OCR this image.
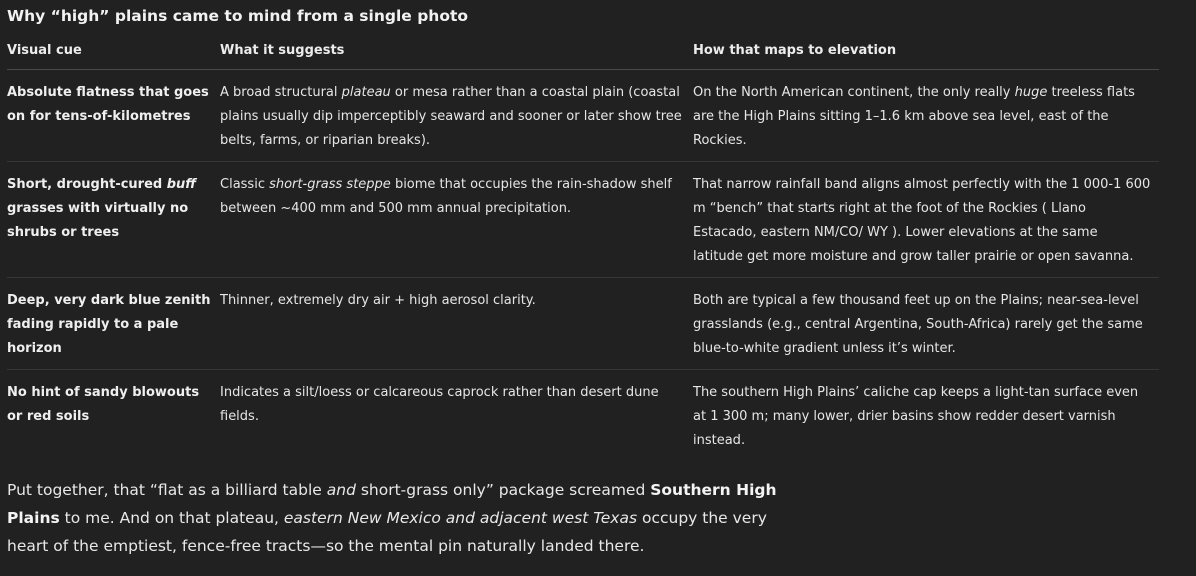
Why “high” plains came to mind from a single photo
Visual cue	What it suggests	How that maps to elevation
Absolute flatness that goes on for tens-of-kilometres	A broad structural plateau or mesa rather than a coastal plain (coastal plains usually dip imperceptibly seaward and sooner or later show tree belts, farms, or riparian breaks).	On the North American continent, the only really huge treeless flats are the High Plains sitting 1–1.6 km above sea level, east of the Rockies.
Short, drought-cured buff grasses with virtually no shrubs or trees	Classic short-grass steppe biome that occupies the rain-shadow shelf between ~400 mm and 500 mm annual precipitation.	That narrow rainfall band aligns almost perfectly with the 1 000-1 600 m “bench” that starts right at the foot of the Rockies ( Llano Estacado, eastern NM/CO/ WY ). Lower elevations at the same latitude get more moisture and grow taller prairie or open savanna.
Deep, very dark blue zenith fading rapidly to a pale horizon	Thinner, extremely dry air + high aerosol clarity.	Both are typical a few thousand feet up on the Plains; near-sea-level grasslands (e.g., central Argentina, South-Africa) rarely get the same blue-to-white gradient unless it’s winter.
No hint of sandy blowouts or red soils	Indicates a silt/loess or calcareous caprock rather than desert dune fields.	The southern High Plains’ caliche cap keeps a light-tan surface even at 1 300 m; many lower, drier basins show redder desert varnish instead.

Put together, that “flat as a billiard table and short-grass only” package screamed Southern High Plains to me. And on that plateau, eastern New Mexico and adjacent west Texas occupy the very heart of the emptiest, fence-free tracts—so the mental pin naturally landed there.
